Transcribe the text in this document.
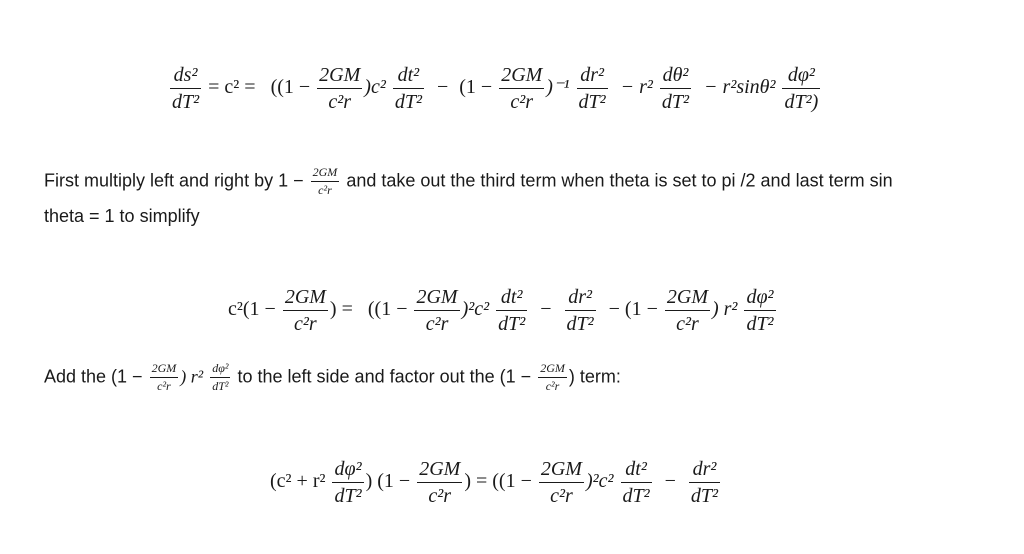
$\frac{\text{ds²}}{\text{dT²}} = c^2 = ((1 - \frac{2GM}{\text{c²r}} )c^2 \frac{\text{dt²}}{\text{dT²}} - (1 - \frac{2GM}{\text{c²r}} )^{-1} \frac{\text{dr²}}{\text{dT²}} - r^2 \frac{\text{dθ²}}{\text{dT²}} - r^2\sin\theta^2 \frac{\text{dφ²}}{\text{dT²)}}$
First multiply left and right by $1 - \frac{2GM}{\text{c²r}}$ and take out the third term when theta is set to pi /2 and last term sin
theta = 1 to simplify
$c^2(1 - \frac{2GM}{\text{c²r}}$ ) = ($(1 - \frac{2GM}{\text{c²r}} )^2c^2 \frac{\text{dt²}}{\text{dT²}} - \frac{\text{dr²}}{\text{dT²}} - (1 - \frac{2GM}{\text{c²r}}$ ) $r^2 \frac{\text{dφ²}}{\text{dT²}}$
Add the ($1 - \frac{2GM}{\text{c²r}}$ ) $r^2 \frac{\text{dφ²}}{\text{dT²}}$ to the left side and factor out the ($1 - \frac{2GM}{\text{c²r}}$ ) term:
($c^2 + r^2 \frac{\text{dφ²}}{\text{dT²}}$ ) ($1 - \frac{2GM}{\text{c²r}}$ ) = ($(1 - \frac{2GM}{\text{c²r}} )^2c^2 \frac{\text{dt²}}{\text{dT²}} - \frac{\text{dr²}}{\text{dT²}}$
